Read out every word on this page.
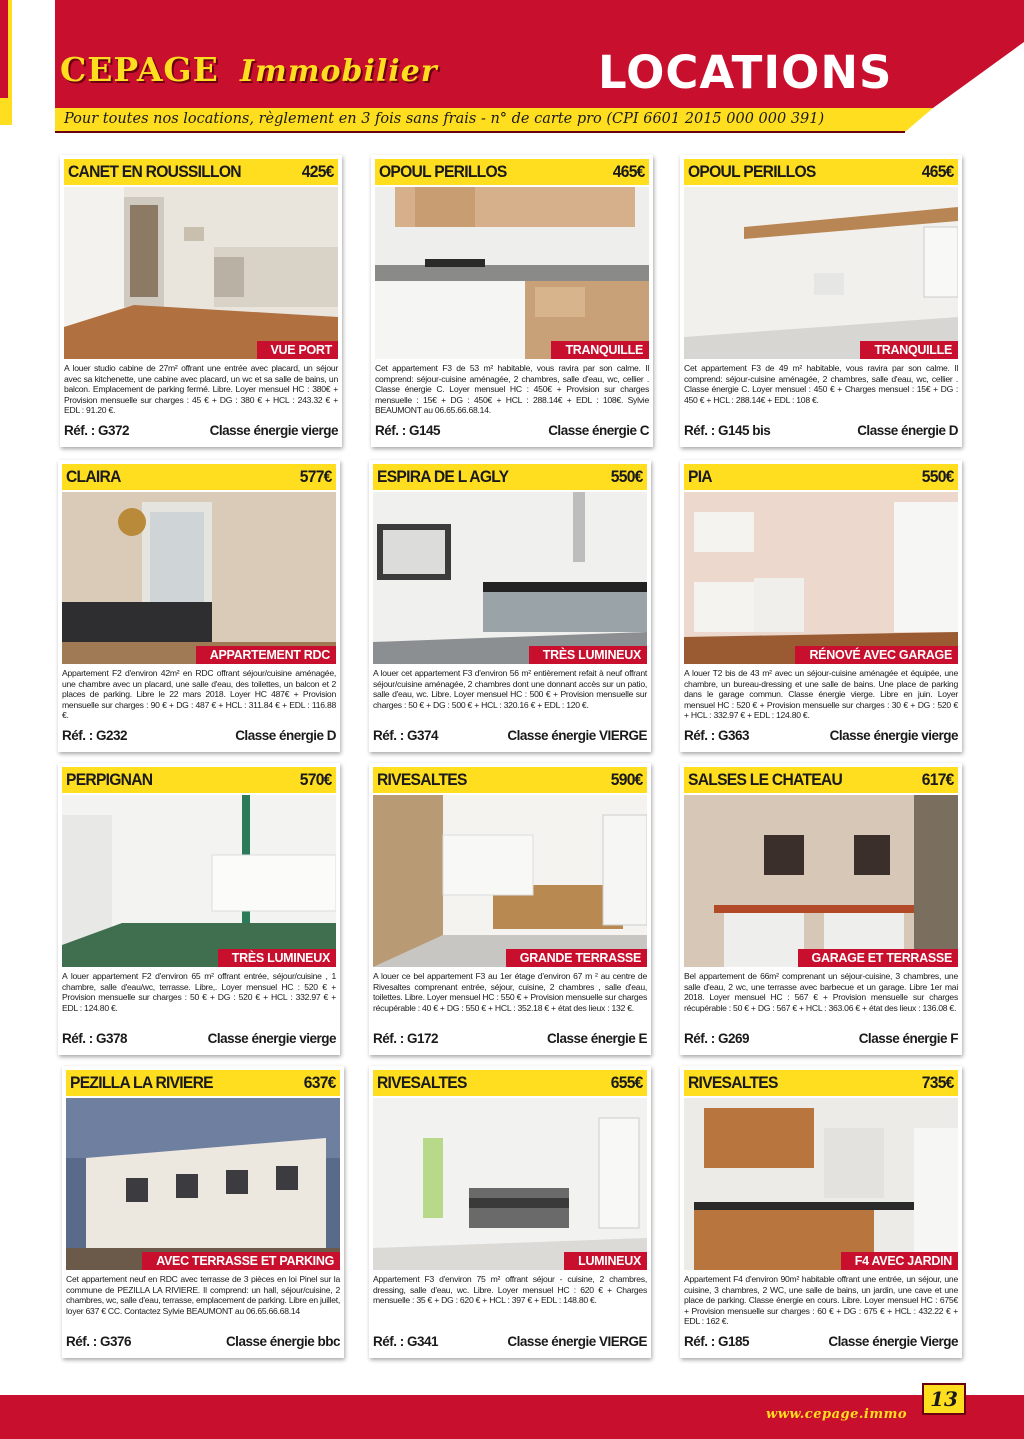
CEPAGE Immobilier	LOCATIONS
Pour toutes nos locations, règlement en 3 fois sans frais - n° de carte pro (CPI 6601 2015 000 000 391)
CANET EN ROUSSILLON	425€
VUE PORT
A louer studio cabine de 27m² offrant une entrée avec placard, un séjour avec sa kitchenette, une cabine avec placard, un wc et sa salle de bains, un balcon. Emplacement de parking fermé. Libre. Loyer mensuel HC : 380€ + Provision mensuelle sur charges : 45 € + DG : 380 € + HCL : 243.32 € + EDL : 91.20 €.
Réf. : G372	Classe énergie vierge
OPOUL PERILLOS	465€
TRANQUILLE
Cet appartement F3 de 53 m² habitable, vous ravira par son calme. Il comprend: séjour-cuisine aménagée, 2 chambres, salle d'eau, wc, cellier . Classe énergie C. Loyer mensuel HC : 450€ + Provision sur charges mensuelle : 15€ + DG : 450€ + HCL : 288.14€ + EDL : 108€. Sylvie BEAUMONT au 06.65.66.68.14.
Réf. : G145	Classe énergie C
OPOUL PERILLOS	465€
TRANQUILLE
Cet appartement F3 de 49 m² habitable, vous ravira par son calme. Il comprend: séjour-cuisine aménagée, 2 chambres, salle d'eau, wc, cellier . Classe énergie C. Loyer mensuel : 450 € + Charges mensuel : 15€ + DG : 450 € + HCL : 288.14€ + EDL : 108 €.
Réf. : G145 bis	Classe énergie D
CLAIRA	577€
APPARTEMENT RDC
Appartement F2 d'environ 42m² en RDC offrant séjour/cuisine aménagée, une chambre avec un placard, une salle d'eau, des toilettes, un balcon et 2 places de parking. Libre le 22 mars 2018. Loyer HC 487€ + Provision mensuelle sur charges : 90 € + DG : 487 € + HCL : 311.84 € + EDL : 116.88 €.
Réf. : G232	Classe énergie D
ESPIRA DE L AGLY	550€
TRÈS LUMINEUX
A louer cet appartement F3 d'environ 56 m² entièrement refait à neuf offrant séjour/cuisine aménagée, 2 chambres dont une donnant accès sur un patio, salle d'eau, wc. Libre. Loyer mensuel HC : 500 € + Provision mensuelle sur charges : 50 € + DG : 500 € + HCL : 320.16 € + EDL : 120 €.
Réf. : G374	Classe énergie VIERGE
PIA	550€
RÉNOVÉ AVEC GARAGE
A louer T2 bis de 43 m² avec un séjour-cuisine aménagée et équipée, une chambre, un bureau-dressing et une salle de bains. Une place de parking dans le garage commun. Classe énergie vierge. Libre en juin. Loyer mensuel HC : 520 € + Provision mensuelle sur charges : 30 € + DG : 520 € + HCL : 332.97 € + EDL : 124.80 €.
Réf. : G363	Classe énergie vierge
PERPIGNAN	570€
TRÈS LUMINEUX
A louer appartement F2 d'environ 65 m² offrant entrée, séjour/cuisine , 1 chambre, salle d'eau/wc, terrasse. Libre,. Loyer mensuel HC : 520 € + Provision mensuelle sur charges : 50 € + DG : 520 € + HCL : 332.97 € + EDL : 124.80 €.
Réf. : G378	Classe énergie vierge
RIVESALTES	590€
GRANDE TERRASSE
A louer ce bel appartement F3 au 1er étage d'environ 67 m ² au centre de Rivesaltes comprenant entrée, séjour, cuisine, 2 chambres , salle d'eau, toilettes. Libre. Loyer mensuel HC : 550 € + Provision mensuelle sur charges récupérable : 40 € + DG : 550 € + HCL : 352.18 € + état des lieux : 132 €.
Réf. : G172	Classe énergie E
SALSES LE CHATEAU	617€
GARAGE ET TERRASSE
Bel appartement de 66m² comprenant un séjour-cuisine, 3 chambres, une salle d'eau, 2 wc, une terrasse avec barbecue et un garage. Libre 1er mai 2018. Loyer mensuel HC : 567 € + Provision mensuelle sur charges récupérable : 50 € + DG : 567 € + HCL : 363.06 € + état des lieux : 136.08 €.
Réf. : G269	Classe énergie F
PEZILLA LA RIVIERE	637€
AVEC TERRASSE ET PARKING
Cet appartement neuf en RDC avec terrasse de 3 pièces en loi Pinel sur la commune de PEZILLA LA RIVIERE. Il comprend: un hall, séjour/cuisine, 2 chambres, wc, salle d'eau, terrasse, emplacement de parking. Libre en juillet, loyer 637 € CC. Contactez Sylvie BEAUMONT au 06.65.66.68.14
Réf. : G376	Classe énergie bbc
RIVESALTES	655€
LUMINEUX
Appartement F3 d'environ 75 m² offrant séjour - cuisine, 2 chambres, dressing, salle d'eau, wc. Libre. Loyer mensuel HC : 620 € + Charges mensuelle : 35 € + DG : 620 € + HCL : 397 € + EDL : 148.80 €.
Réf. : G341	Classe énergie VIERGE
RIVESALTES	735€
F4 AVEC JARDIN
Appartement F4 d'environ 90m² habitable offrant une entrée, un séjour, une cuisine, 3 chambres, 2 WC, une salle de bains, un jardin, une cave et une place de parking. Classe énergie en cours. Libre. Loyer mensuel HC : 675€ + Provision mensuelle sur charges : 60 € + DG : 675 € + HCL : 432.22 € + EDL : 162 €.
Réf. : G185	Classe énergie Vierge
www.cepage.immo
13
